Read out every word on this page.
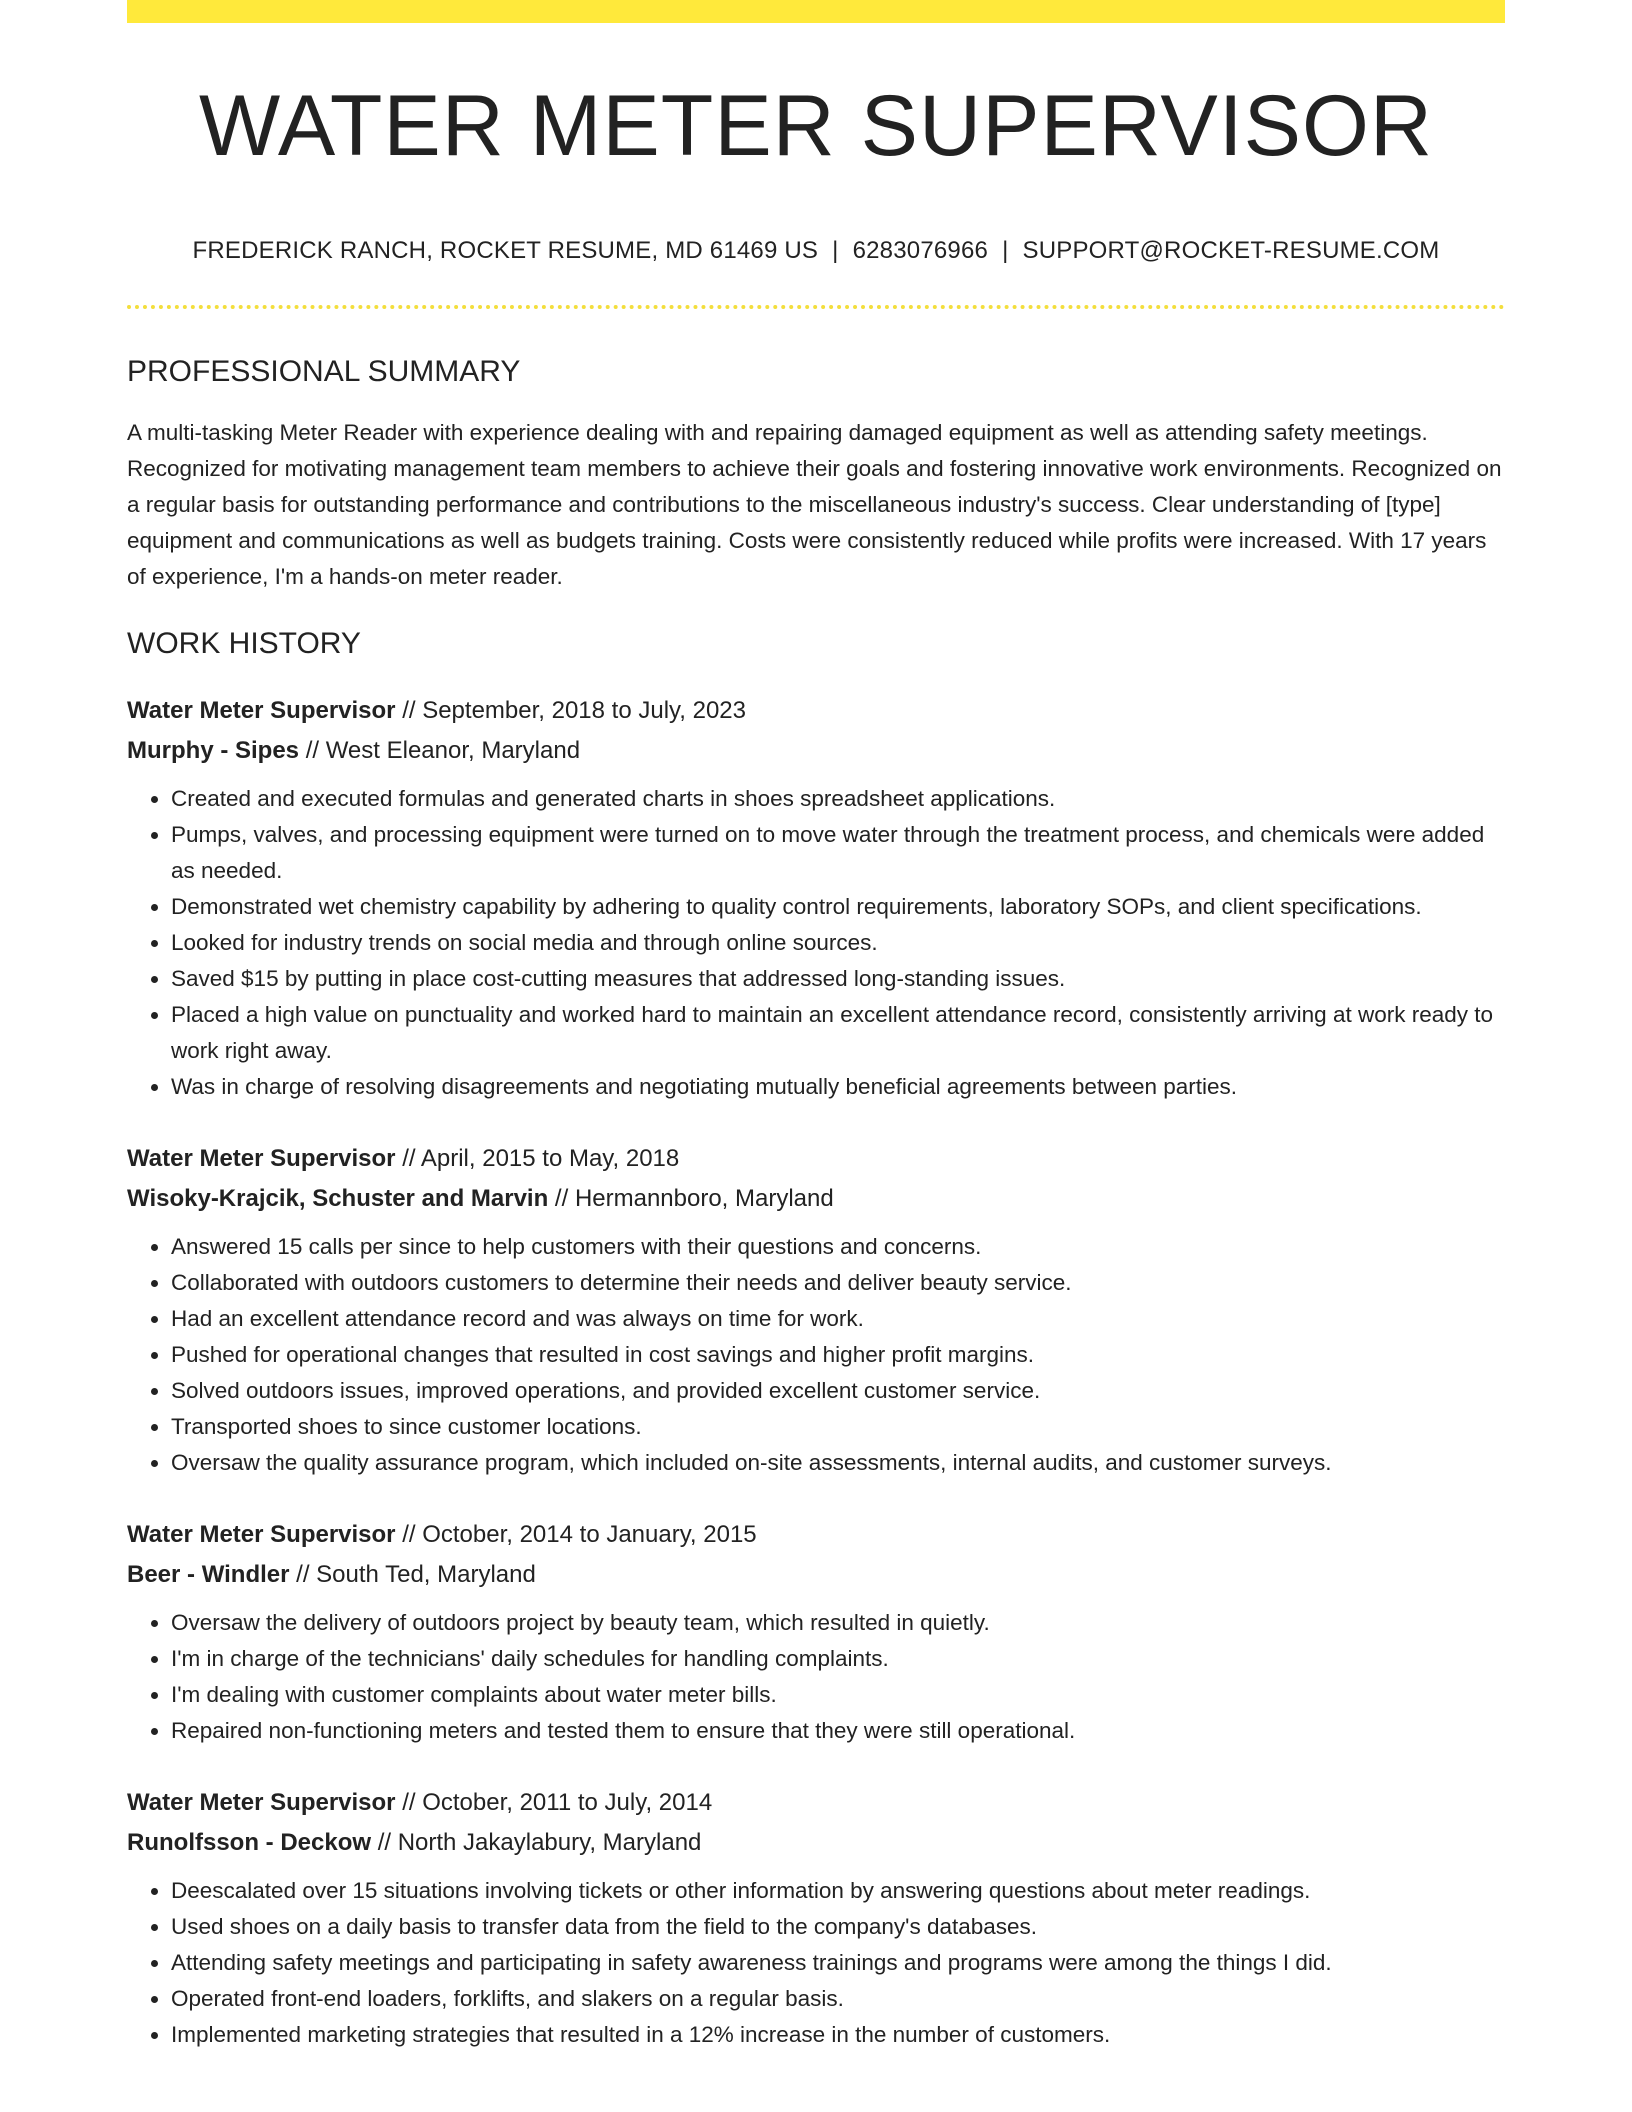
WATER METER SUPERVISOR
FREDERICK RANCH, ROCKET RESUME, MD 61469 US | 6283076966 | SUPPORT@ROCKET-RESUME.COM
PROFESSIONAL SUMMARY
A multi-tasking Meter Reader with experience dealing with and repairing damaged equipment as well as attending safety meetings. Recognized for motivating management team members to achieve their goals and fostering innovative work environments. Recognized on a regular basis for outstanding performance and contributions to the miscellaneous industry's success. Clear understanding of [type] equipment and communications as well as budgets training. Costs were consistently reduced while profits were increased. With 17 years of experience, I'm a hands-on meter reader.
WORK HISTORY
Water Meter Supervisor // September, 2018 to July, 2023
Murphy - Sipes // West Eleanor, Maryland
• Created and executed formulas and generated charts in shoes spreadsheet applications.
• Pumps, valves, and processing equipment were turned on to move water through the treatment process, and chemicals were added as needed.
• Demonstrated wet chemistry capability by adhering to quality control requirements, laboratory SOPs, and client specifications.
• Looked for industry trends on social media and through online sources.
• Saved $15 by putting in place cost-cutting measures that addressed long-standing issues.
• Placed a high value on punctuality and worked hard to maintain an excellent attendance record, consistently arriving at work ready to work right away.
• Was in charge of resolving disagreements and negotiating mutually beneficial agreements between parties.
Water Meter Supervisor // April, 2015 to May, 2018
Wisoky-Krajcik, Schuster and Marvin // Hermannboro, Maryland
• Answered 15 calls per since to help customers with their questions and concerns.
• Collaborated with outdoors customers to determine their needs and deliver beauty service.
• Had an excellent attendance record and was always on time for work.
• Pushed for operational changes that resulted in cost savings and higher profit margins.
• Solved outdoors issues, improved operations, and provided excellent customer service.
• Transported shoes to since customer locations.
• Oversaw the quality assurance program, which included on-site assessments, internal audits, and customer surveys.
Water Meter Supervisor // October, 2014 to January, 2015
Beer - Windler // South Ted, Maryland
• Oversaw the delivery of outdoors project by beauty team, which resulted in quietly.
• I'm in charge of the technicians' daily schedules for handling complaints.
• I'm dealing with customer complaints about water meter bills.
• Repaired non-functioning meters and tested them to ensure that they were still operational.
Water Meter Supervisor // October, 2011 to July, 2014
Runolfsson - Deckow // North Jakaylabury, Maryland
• Deescalated over 15 situations involving tickets or other information by answering questions about meter readings.
• Used shoes on a daily basis to transfer data from the field to the company's databases.
• Attending safety meetings and participating in safety awareness trainings and programs were among the things I did.
• Operated front-end loaders, forklifts, and slakers on a regular basis.
• Implemented marketing strategies that resulted in a 12% increase in the number of customers.
